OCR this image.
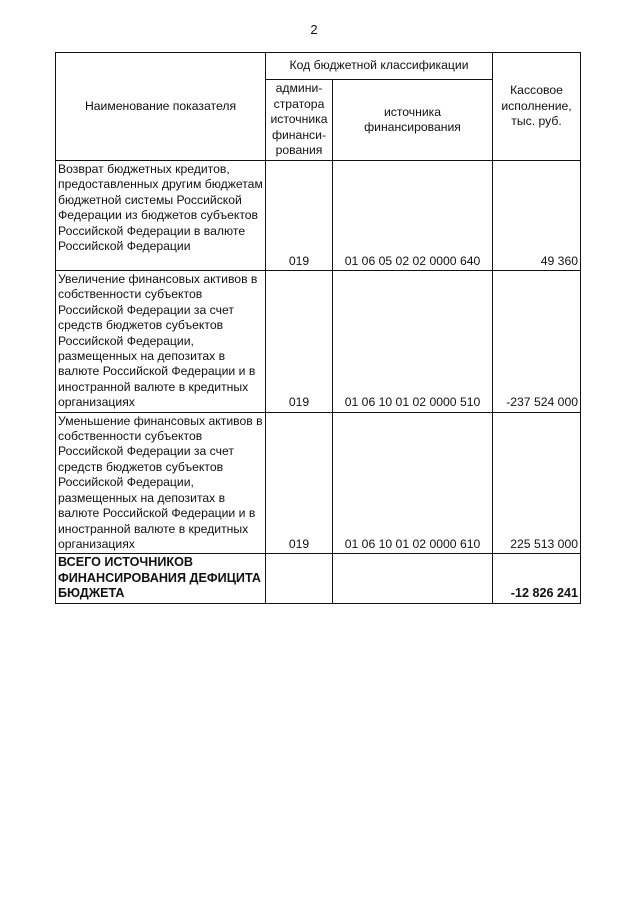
2
Наименование показателя	Код бюджетной классификации		Кассовое
исполнение,
тыс. руб.
	админи-
стратора
источника
финанси-
рования	источника
финансирования	
Возврат бюджетных кредитов, предоставленных другим бюджетам бюджетной системы Российской Федерации из бюджетов субъектов Российской Федерации в валюте Российской Федерации	019	01 06 05 02 02 0000 640	49 360
Увеличение финансовых активов в собственности субъектов Российской Федерации за счет средств бюджетов субъектов Российской Федерации, размещенных на депозитах в валюте Российской Федерации и в иностранной валюте в кредитных организациях	019	01 06 10 01 02 0000 510	-237 524 000
Уменьшение финансовых активов в собственности субъектов Российской Федерации за счет средств бюджетов субъектов Российской Федерации, размещенных на депозитах в валюте Российской Федерации и в иностранной валюте в кредитных организациях	019	01 06 10 01 02 0000 610	225 513 000
ВСЕГО ИСТОЧНИКОВ ФИНАНСИРОВАНИЯ ДЕФИЦИТА БЮДЖЕТА			-12 826 241
